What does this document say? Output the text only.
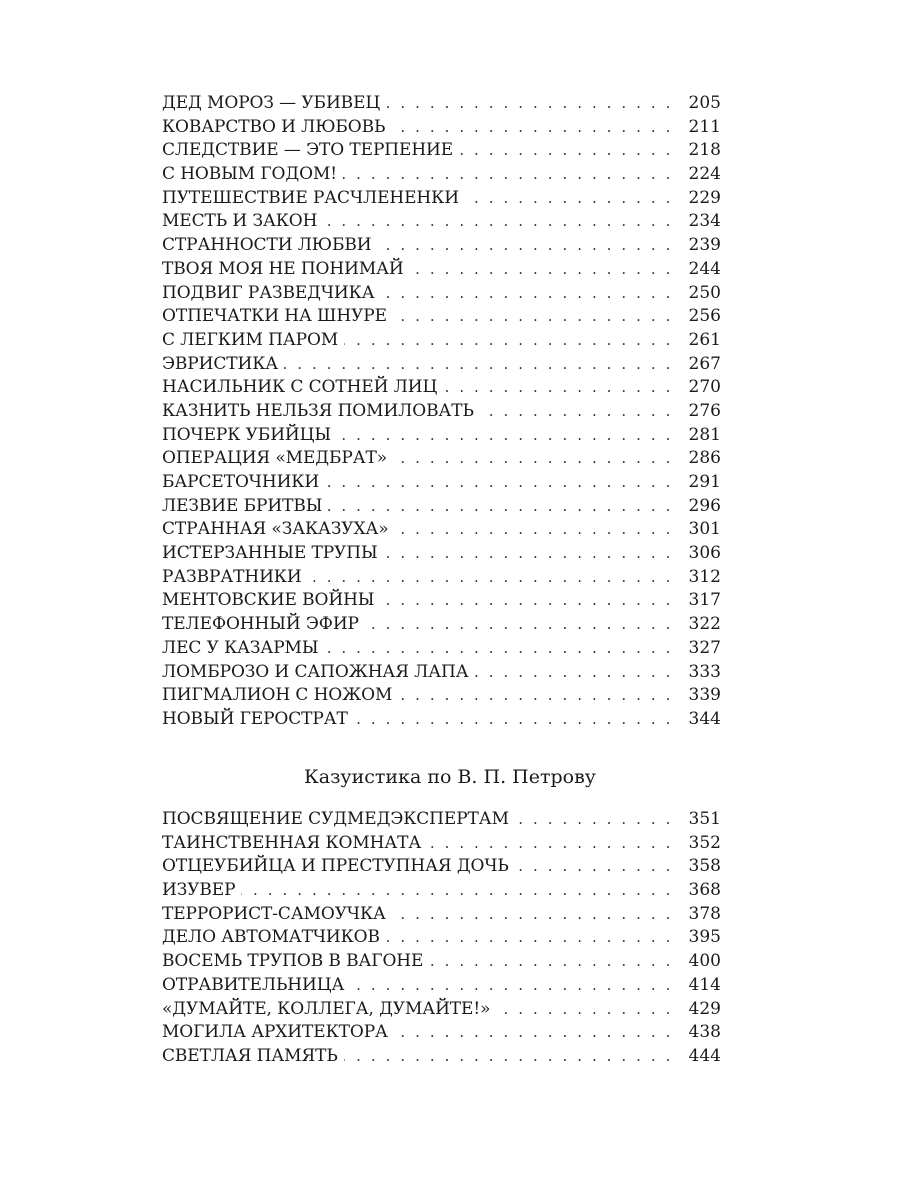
ДЕД МОРОЗ — УБИВЕЦ . . .	205
КОВАРСТВО И ЛЮБОВЬ . . .	211
СЛЕДСТВИЕ — ЭТО ТЕРПЕНИЕ . . .	218
С НОВЫМ ГОДОМ! . . .	224
ПУТЕШЕСТВИЕ РАСЧЛЕНЕНКИ . . .	229
МЕСТЬ И ЗАКОН . . .	234
СТРАННОСТИ ЛЮБВИ . . .	239
ТВОЯ МОЯ НЕ ПОНИМАЙ . . .	244
ПОДВИГ РАЗВЕДЧИКА . . .	250
ОТПЕЧАТКИ НА ШНУРЕ . . .	256
С ЛЕГКИМ ПАРОМ . . .	261
ЭВРИСТИКА . . .	267
НАСИЛЬНИК С СОТНЕЙ ЛИЦ . . .	270
КАЗНИТЬ НЕЛЬЗЯ ПОМИЛОВАТЬ . . .	276
ПОЧЕРК УБИЙЦЫ . . .	281
ОПЕРАЦИЯ «МЕДБРАТ» . . .	286
БАРСЕТОЧНИКИ . . .	291
ЛЕЗВИЕ БРИТВЫ . . .	296
СТРАННАЯ «ЗАКАЗУХА» . . .	301
ИСТЕРЗАННЫЕ ТРУПЫ . . .	306
РАЗВРАТНИКИ . . .	312
МЕНТОВСКИЕ ВОЙНЫ . . .	317
ТЕЛЕФОННЫЙ ЭФИР . . .	322
ЛЕС У КАЗАРМЫ . . .	327
ЛОМБРОЗО И САПОЖНАЯ ЛАПА . . .	333
ПИГМАЛИОН С НОЖОМ . . .	339
НОВЫЙ ГЕРОСТРАТ . . .	344
Казуистика по В. П. Петрову
ПОСВЯЩЕНИЕ СУДМЕДЭКСПЕРТАМ . . .	351
ТАИНСТВЕННАЯ КОМНАТА . . .	352
ОТЦЕУБИЙЦА И ПРЕСТУПНАЯ ДОЧЬ . . .	358
ИЗУВЕР . . .	368
ТЕРРОРИСТ-САМОУЧКА . . .	378
ДЕЛО АВТОМАТЧИКОВ . . .	395
ВОСЕМЬ ТРУПОВ В ВАГОНЕ . . .	400
ОТРАВИТЕЛЬНИЦА . . .	414
«ДУМАЙТЕ, КОЛЛЕГА, ДУМАЙТЕ!» . . .	429
МОГИЛА АРХИТЕКТОРА . . .	438
СВЕТЛАЯ ПАМЯТЬ . . .	444
